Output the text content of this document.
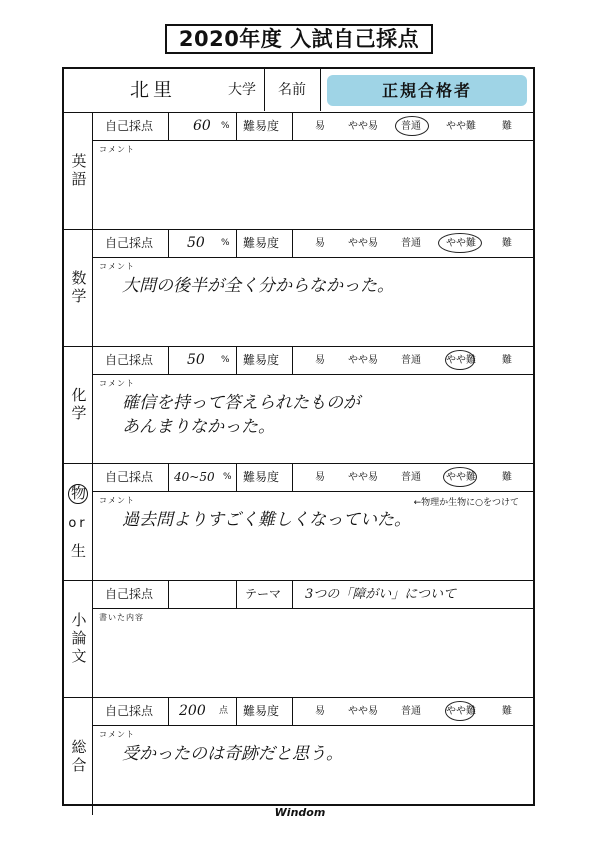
2020年度 入試自己採点
北里	大学 名前	正規合格者
英語
自己採点	60 % 難易度	易 やや易 普通	やや難	難
コメント
数学
自己採点 50 % 難易度	易 やや易 普通	やや難	難
コメント
大問の後半が全く分からなかった。
化学
自己採点 50 % 難易度	易 やや易 普通	やや難	難
コメント
確信を持って答えられたものが
あんまりなかった。
物 or 生
自己採点 40~50 % 難易度	易 やや易 普通	やや難	難
コメント	←物理か生物に○をつけて
過去問よりすごく難しくなっていた。
小論文
自己採点	テーマ 3つの「障がい」について
書いた内容
総合
自己採点 200 点 難易度	易 やや易 普通	やや難	難
コメント
受かったのは奇跡だと思う。
Windom
